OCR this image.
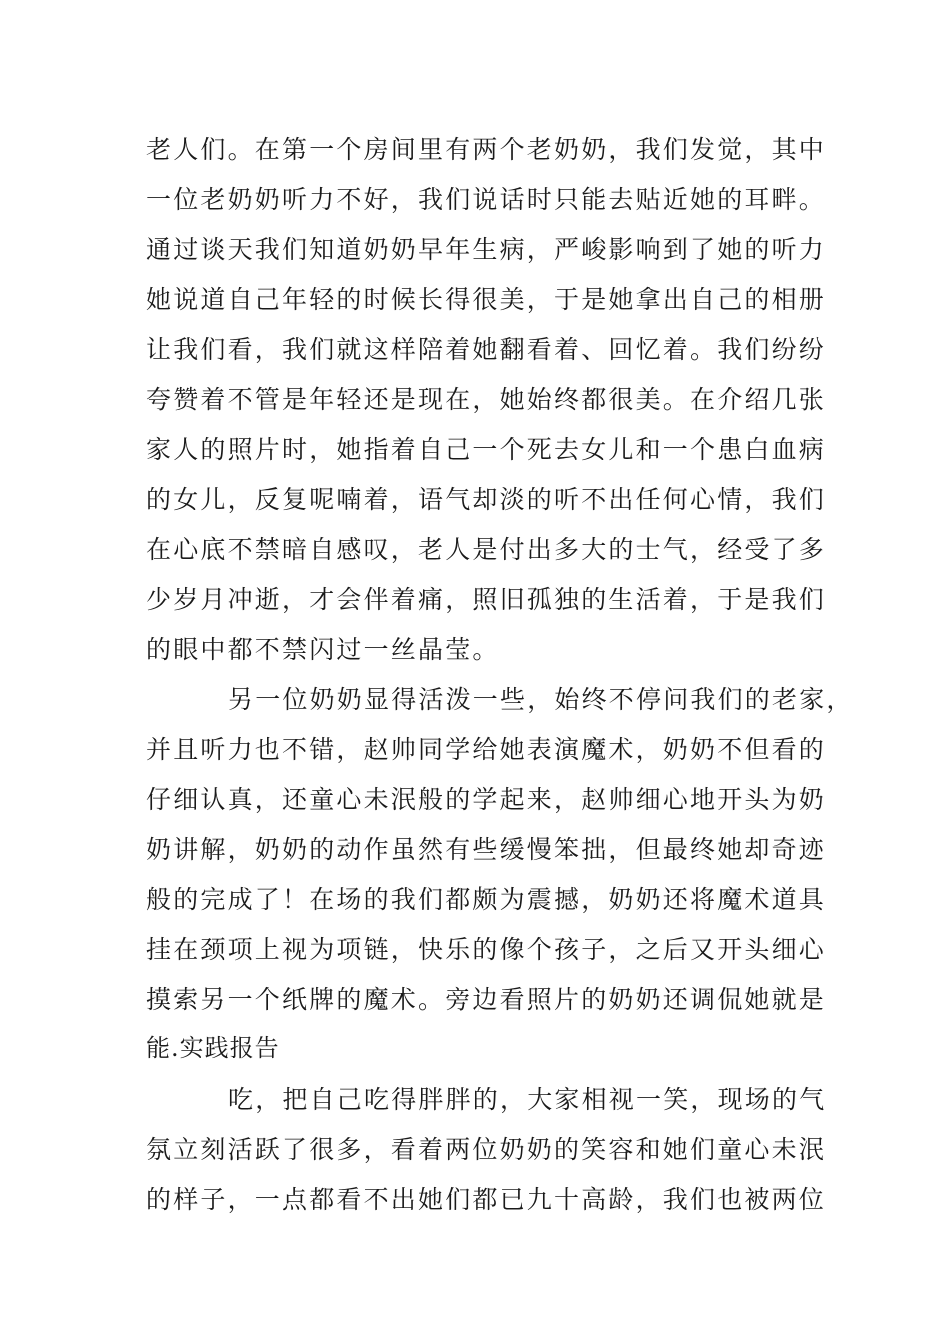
老人们。在第一个房间里有两个老奶奶，我们发觉，其中
一位老奶奶听力不好，我们说话时只能去贴近她的耳畔。
通过谈天我们知道奶奶早年生病，严峻影响到了她的听力
她说道自己年轻的时候长得很美，于是她拿出自己的相册
让我们看，我们就这样陪着她翻看着、回忆着。我们纷纷
夸赞着不管是年轻还是现在，她始终都很美。在介绍几张
家人的照片时，她指着自己一个死去女儿和一个患白血病
的女儿，反复呢喃着，语气却淡的听不出任何心情，我们
在心底不禁暗自感叹，老人是付出多大的士气，经受了多
少岁月冲逝，才会伴着痛，照旧孤独的生活着，于是我们
的眼中都不禁闪过一丝晶莹。
另一位奶奶显得活泼一些，始终不停问我们的老家，
并且听力也不错，赵帅同学给她表演魔术，奶奶不但看的
仔细认真，还童心未泯般的学起来，赵帅细心地开头为奶
奶讲解，奶奶的动作虽然有些缓慢笨拙，但最终她却奇迹
般的完成了！在场的我们都颇为震撼，奶奶还将魔术道具
挂在颈项上视为项链，快乐的像个孩子，之后又开头细心
摸索另一个纸牌的魔术。旁边看照片的奶奶还调侃她就是
能.实践报告
吃，把自己吃得胖胖的，大家相视一笑，现场的气
氛立刻活跃了很多，看着两位奶奶的笑容和她们童心未泯
的样子，一点都看不出她们都已九十高龄，我们也被两位
